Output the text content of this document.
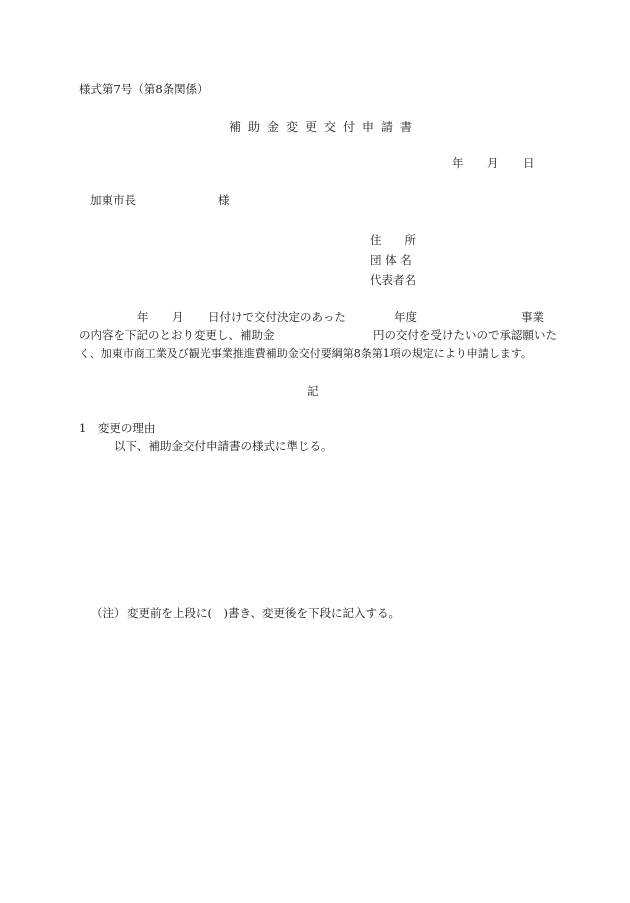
様式第7号（第8条関係）
補助金変更交付申請書
年 月 日
加東市長	様
住　　所
団 体 名
代表者名
年 月 日付けで交付決定のあった	年度	事業
の内容を下記のとおり変更し、補助金	円の交付を受けたいので承認願いた
く、加東市商工業及び観光事業推進費補助金交付要綱第8条第1項の規定により申請します。
記
1　変更の理由
以下、補助金交付申請書の様式に準じる。
（注） 変更前を上段に(　)書き、変更後を下段に記入する。
